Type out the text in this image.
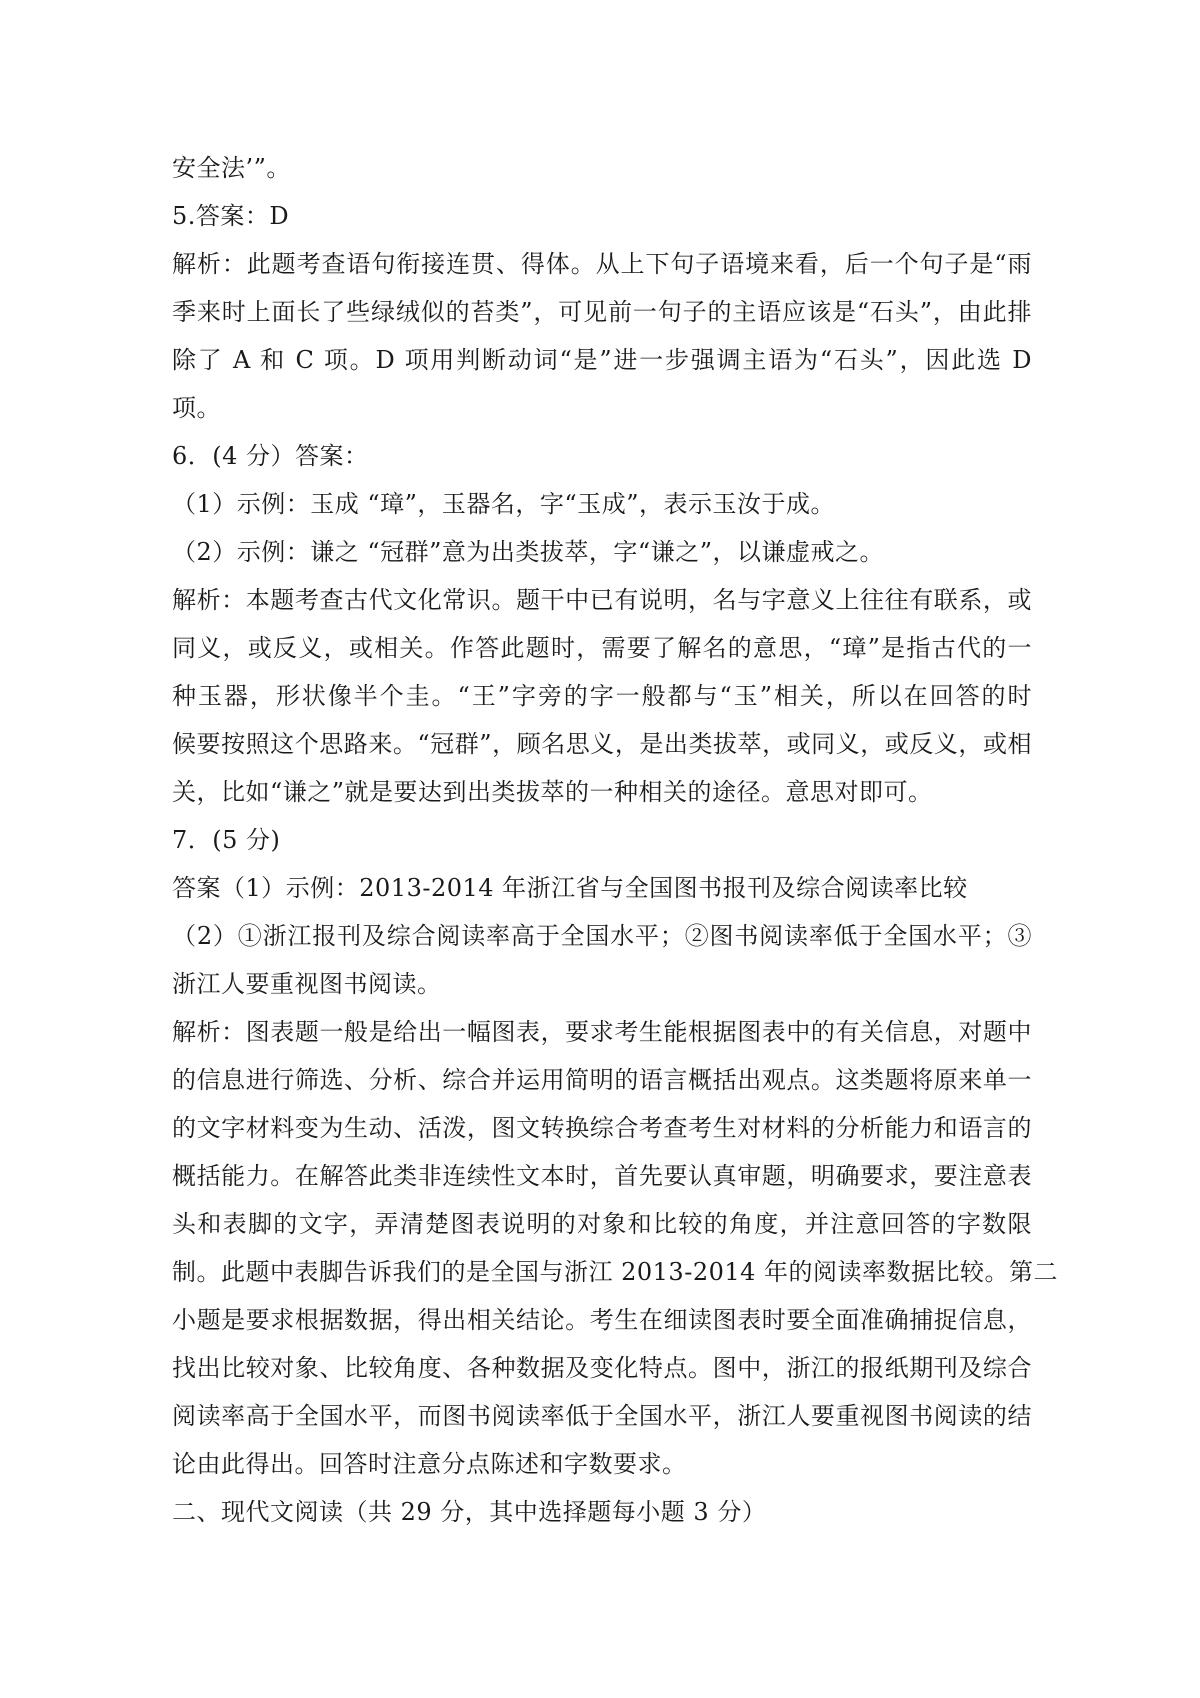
安全法’”。
5.答案：D
解析：此题考查语句衔接连贯、得体。从上下句子语境来看，后一个句子是“雨
季来时上面长了些绿绒似的苔类”，可见前一句子的主语应该是“石头”，由此排
除了 A 和 C 项。D 项用判断动词“是”进一步强调主语为“石头”，因此选 D
项。
6．(4 分）答案：
（1）示例：玉成 “璋”，玉器名，字“玉成”，表示玉汝于成。
（2）示例：谦之 “冠群”意为出类拔萃，字“谦之”，以谦虚戒之。
解析：本题考查古代文化常识。题干中已有说明，名与字意义上往往有联系，或
同义，或反义，或相关。作答此题时，需要了解名的意思，“璋”是指古代的一
种玉器，形状像半个圭。“王”字旁的字一般都与“玉”相关，所以在回答的时
候要按照这个思路来。“冠群”，顾名思义，是出类拔萃，或同义，或反义，或相
关，比如“谦之”就是要达到出类拔萃的一种相关的途径。意思对即可。
7．(5 分)
答案（1）示例：2013-2014 年浙江省与全国图书报刊及综合阅读率比较
（2）①浙江报刊及综合阅读率高于全国水平；②图书阅读率低于全国水平；③
浙江人要重视图书阅读。
解析：图表题一般是给出一幅图表，要求考生能根据图表中的有关信息，对题中
的信息进行筛选、分析、综合并运用简明的语言概括出观点。这类题将原来单一
的文字材料变为生动、活泼，图文转换综合考查考生对材料的分析能力和语言的
概括能力。在解答此类非连续性文本时，首先要认真审题，明确要求，要注意表
头和表脚的文字，弄清楚图表说明的对象和比较的角度，并注意回答的字数限
制。此题中表脚告诉我们的是全国与浙江 2013-2014 年的阅读率数据比较。第二
小题是要求根据数据，得出相关结论。考生在细读图表时要全面准确捕捉信息，
找出比较对象、比较角度、各种数据及变化特点。图中，浙江的报纸期刊及综合
阅读率高于全国水平，而图书阅读率低于全国水平，浙江人要重视图书阅读的结
论由此得出。回答时注意分点陈述和字数要求。
二、现代文阅读（共 29 分，其中选择题每小题 3 分）
